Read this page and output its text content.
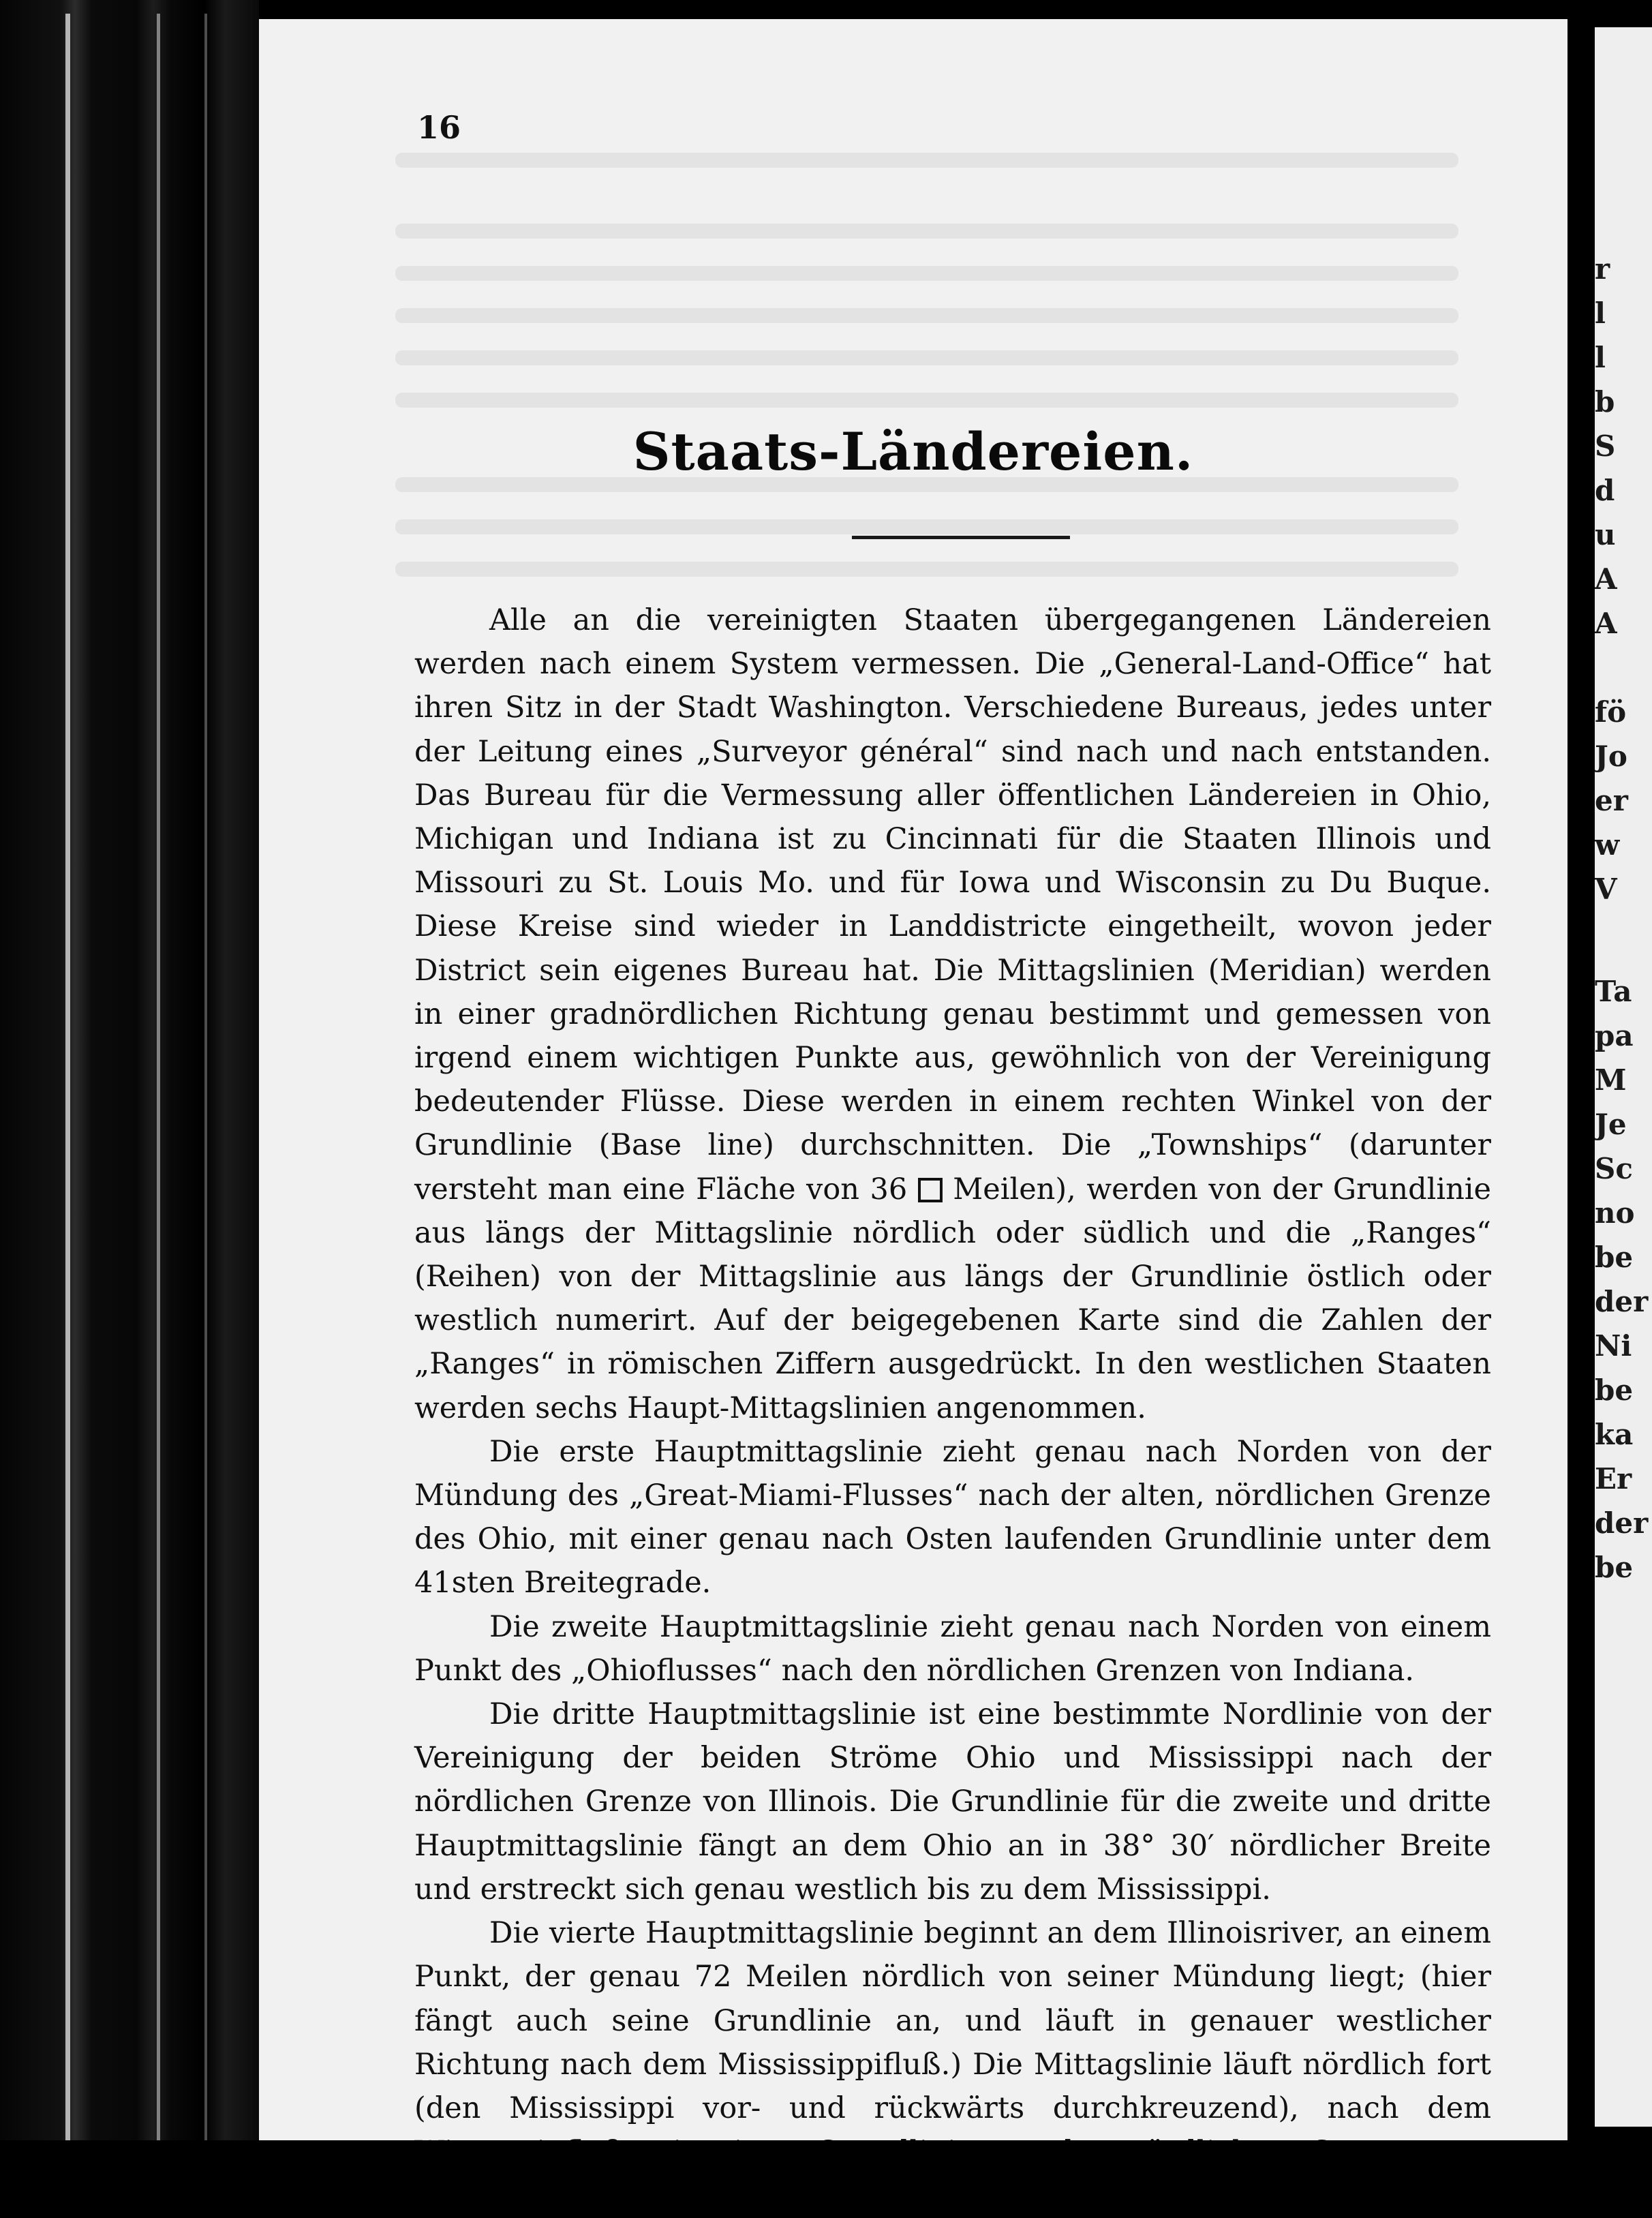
16

Staats-Ländereien.

Alle an die vereinigten Staaten übergegangenen Ländereien werden nach einem System vermessen. Die „General-Land-Office“ hat ihren Sitz in der Stadt Washington. Verschiedene Bureaus, jedes unter der Leitung eines „Surveyor général“ sind nach und nach entstanden. Das Bureau für die Vermessung aller öffentlichen Ländereien in Ohio, Michigan und Indiana ist zu Cincinnati für die Staaten Illinois und Missouri zu St. Louis Mo. und für Iowa und Wisconsin zu Du Buque. Diese Kreise sind wieder in Landdistricte eingetheilt, wovon jeder District sein eigenes Bureau hat. Die Mittagslinien (Meridian) werden in einer gradnördlichen Richtung genau bestimmt und gemessen von irgend einem wichtigen Punkte aus, gewöhnlich von der Vereinigung bedeutender Flüsse. Diese werden in einem rechten Winkel von der Grundlinie (Base line) durchschnitten. Die „Townships“ (darunter versteht man eine Fläche von 36 Meilen), werden von der Grundlinie aus längs der Mittagslinie nördlich oder südlich und die „Ranges“ (Reihen) von der Mittagslinie aus längs der Grundlinie östlich oder westlich numerirt. Auf der beigegebenen Karte sind die Zahlen der „Ranges“ in römischen Ziffern ausgedrückt. In den westlichen Staaten werden sechs Haupt-Mittagslinien angenommen.

Die erste Hauptmittagslinie zieht genau nach Norden von der Mündung des „Great-Miami-Flusses“ nach der alten, nördlichen Grenze des Ohio, mit einer genau nach Osten laufenden Grundlinie unter dem 41sten Breitegrade.

Die zweite Hauptmittagslinie zieht genau nach Norden von einem Punkt des „Ohioflusses“ nach den nördlichen Grenzen von Indiana.

Die dritte Hauptmittagslinie ist eine bestimmte Nordlinie von der Vereinigung der beiden Ströme Ohio und Mississippi nach der nördlichen Grenze von Illinois. Die Grundlinie für die zweite und dritte Hauptmittagslinie fängt an dem Ohio an in 38° 30′ nördlicher Breite und erstreckt sich genau westlich bis zu dem Mississippi.

Die vierte Hauptmittagslinie beginnt an dem Illinoisriver, an einem Punkt, der genau 72 Meilen nördlich von seiner Mündung liegt; (hier fängt auch seine Grundlinie an, und läuft in genauer westlicher Richtung nach dem Mississippifluß.) Die Mittagslinie läuft nördlich fort (den Mississippi vor- und rückwärts durchkreuzend), nach dem

r

l

l

b

S

d

u

A

A

fö

Jo

er

w

V

Ta

pa

M

Je

Sc

no

be

der

Ni

be

ka

Er

der

be
